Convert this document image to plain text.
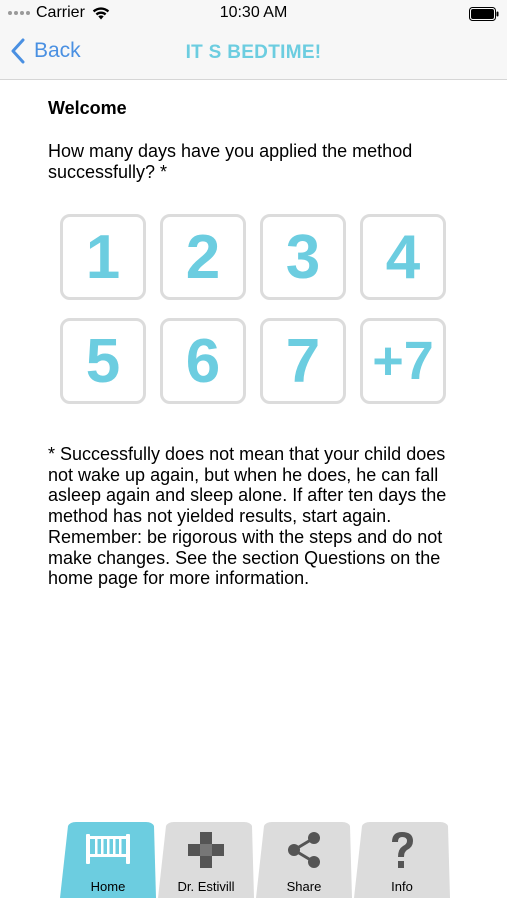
Carrier	10:30 AM
Back	IT S BEDTIME!
Welcome
How many days have you applied the method successfully? *
1	2	3	4
5	6	7 +7
* Successfully does not mean that your child does not wake up again, but when he does, he can fall asleep again and sleep alone. If after ten days the method has not yielded results, start again. Remember: be rigorous with the steps and do not make changes. See the section Questions on the home page for more information.
Home	Dr. Estivill	Share	Info
